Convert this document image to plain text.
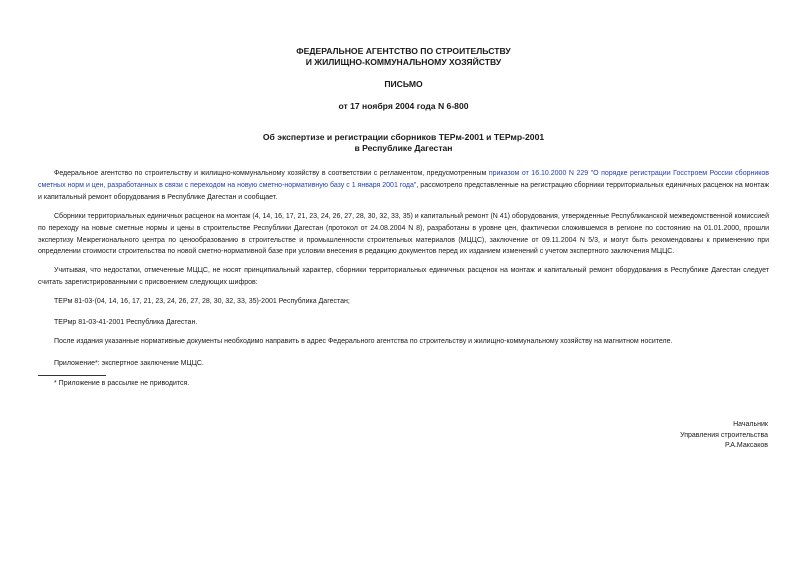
ФЕДЕРАЛЬНОЕ АГЕНТСТВО ПО СТРОИТЕЛЬСТВУ
И ЖИЛИЩНО-КОММУНАЛЬНОМУ ХОЗЯЙСТВУ
ПИСЬМО
от 17 ноября 2004 года N 6-800
Об экспертизе и регистрации сборников ТЕРм-2001 и ТЕРмр-2001
в Республике Дагестан
Федеральное агентство по строительству и жилищно-коммунальному хозяйству в соответствии с регламентом, предусмотренным приказом от 16.10.2000 N 229 "О порядке регистрации Госстроем России сборников сметных норм и цен, разработанных в связи с переходом на новую сметно-нормативную базу с 1 января 2001 года", рассмотрело представленные на регистрацию сборники территориальных единичных расценок на монтаж и капитальный ремонт оборудования в Республике Дагестан и сообщает.
Сборники территориальных единичных расценок на монтаж (4, 14, 16, 17, 21, 23, 24, 26, 27, 28, 30, 32, 33, 35) и капитальный ремонт (N 41) оборудования, утвержденные Республиканской межведомственной комиссией по переходу на новые сметные нормы и цены в строительстве Республики Дагестан (протокол от 24.08.2004 N 8), разработаны в уровне цен, фактически сложившемся в регионе по состоянию на 01.01.2000, прошли экспертизу Межрегионального центра по ценообразованию в строительстве и промышленности строительных материалов (МЦЦС), заключение от 09.11.2004 N 5/3, и могут быть рекомендованы к применению при определении стоимости строительства по новой сметно-нормативной базе при условии внесения в редакцию документов перед их изданием изменений с учетом экспертного заключения МЦЦС.
Учитывая, что недостатки, отмеченные МЦЦС, не носят принципиальный характер, сборники территориальных единичных расценок на монтаж и капитальный ремонт оборудования в Республике Дагестан следует считать зарегистрированными с присвоением следующих шифров:
ТЕРм 81-03-(04, 14, 16, 17, 21, 23, 24, 26, 27, 28, 30, 32, 33, 35)-2001 Республика Дагестан;
ТЕРмр 81-03-41-2001 Республика Дагестан.
После издания указанные нормативные документы необходимо направить в адрес Федерального агентства по строительству и жилищно-коммунальному хозяйству на магнитном носителе.
Приложение*: экспертное заключение МЦЦС.
* Приложение в рассылке не приводится.
Начальник
Управления строительства
Р.А.Максаков
